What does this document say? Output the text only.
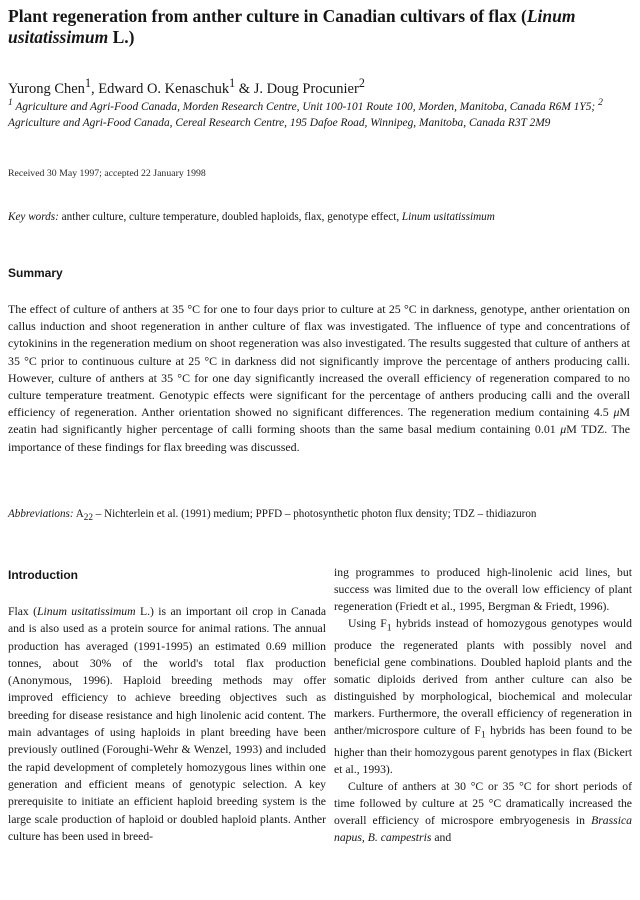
Plant regeneration from anther culture in Canadian cultivars of flax (Linum usitatissimum L.)
Yurong Chen$^1$, Edward O. Kenaschuk$^1$ & J. Doug Procunier$^2$
$^1$ Agriculture and Agri-Food Canada, Morden Research Centre, Unit 100-101 Route 100, Morden, Manitoba, Canada R6M 1Y5; $^2$ Agriculture and Agri-Food Canada, Cereal Research Centre, 195 Dafoe Road, Winnipeg, Manitoba, Canada R3T 2M9
Received 30 May 1997; accepted 22 January 1998
Key words: anther culture, culture temperature, doubled haploids, flax, genotype effect, Linum usitatissimum
Summary

The effect of culture of anthers at 35 °C for one to four days prior to culture at 25 °C in darkness, genotype, anther orientation on callus induction and shoot regeneration in anther culture of flax was investigated. The influence of type and concentrations of cytokinins in the regeneration medium on shoot regeneration was also investigated. The results suggested that culture of anthers at 35 °C prior to continuous culture at 25 °C in darkness did not significantly improve the percentage of anthers producing calli. However, culture of anthers at 35 °C for one day significantly increased the overall efficiency of regeneration compared to no culture temperature treatment. Genotypic effects were significant for the percentage of anthers producing calli and the overall efficiency of regeneration. Anther orientation showed no significant differences. The regeneration medium containing 4.5 μM zeatin had significantly higher percentage of calli forming shoots than the same basal medium containing 0.01 μM TDZ. The importance of these findings for flax breeding was discussed.

Abbreviations: $A_{22}$ – Nichterlein et al. (1991) medium; PPFD – photosynthetic photon flux density; TDZ – thidiazuron
Introduction

Flax (Linum usitatissimum L.) is an important oil crop in Canada and is also used as a protein source for animal rations. The annual production has averaged (1991-1995) an estimated 0.69 million tonnes, about 30% of the world's total flax production (Anonymous, 1996). Haploid breeding methods may offer improved efficiency to achieve breeding objectives such as breeding for disease resistance and high linolenic acid content. The main advantages of using haploids in plant breeding have been previously outlined (Foroughi-Wehr & Wenzel, 1993) and included the rapid development of completely homozygous lines within one generation and efficient means of genotypic selection. A key prerequisite to initiate an efficient haploid breeding system is the large scale production of haploid or doubled haploid plants. Anther culture has been used in breed-

ing programmes to produced high-linolenic acid lines, but success was limited due to the overall low efficiency of plant regeneration (Friedt et al., 1995, Bergman & Friedt, 1996).

Using $F_1$ hybrids instead of homozygous genotypes would produce the regenerated plants with possibly novel and beneficial gene combinations. Doubled haploid plants and the somatic diploids derived from anther culture can also be distinguished by morphological, biochemical and molecular markers. Furthermore, the overall efficiency of regeneration in anther/microspore culture of $F_1$ hybrids has been found to be higher than their homozygous parent genotypes in flax (Bickert et al., 1993).

Culture of anthers at 30 °C or 35 °C for short periods of time followed by culture at 25 °C dramatically increased the overall efficiency of microspore embryogenesis in Brassica napus, B. campestris and
